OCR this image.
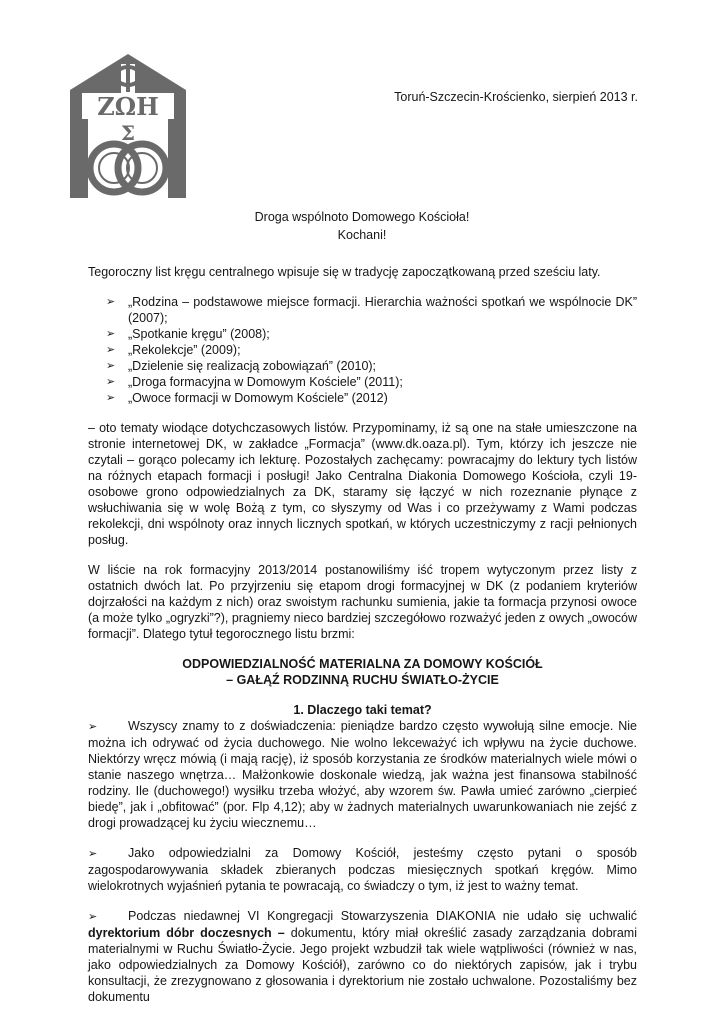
ΖΩΗ
Σ
Toruń-Szczecin-Krościenko, sierpień 2013 r.
Droga wspólnoto Domowego Kościoła!
Kochani!

Tegoroczny list kręgu centralnego wpisuje się w tradycję zapoczątkowaną przed sześciu laty.

➢ „Rodzina – podstawowe miejsce formacji. Hierarchia ważności spotkań we wspólnocie DK” (2007);
➢ „Spotkanie kręgu” (2008);
➢ „Rekolekcje” (2009);
➢ „Dzielenie się realizacją zobowiązań” (2010);
➢ „Droga formacyjna w Domowym Kościele” (2011);
➢ „Owoce formacji w Domowym Kościele” (2012)

– oto tematy wiodące dotychczasowych listów. Przypominamy, iż są one na stałe umieszczone na stronie internetowej DK, w zakładce „Formacja” (www.dk.oaza.pl). Tym, którzy ich jeszcze nie czytali – gorąco polecamy ich lekturę. Pozostałych zachęcamy: powracajmy do lektury tych listów na różnych etapach formacji i posługi! Jako Centralna Diakonia Domowego Kościoła, czyli 19-osobowe grono odpowiedzialnych za DK, staramy się łączyć w nich rozeznanie płynące z wsłuchiwania się w wolę Bożą z tym, co słyszymy od Was i co przeżywamy z Wami podczas rekolekcji, dni wspólnoty oraz innych licznych spotkań, w których uczestniczymy z racji pełnionych posług.

W liście na rok formacyjny 2013/2014 postanowiliśmy iść tropem wytyczonym przez listy z ostatnich dwóch lat. Po przyjrzeniu się etapom drogi formacyjnej w DK (z podaniem kryteriów dojrzałości na każdym z nich) oraz swoistym rachunku sumienia, jakie ta formacja przynosi owoce (a może tylko „ogryzki”?), pragniemy nieco bardziej szczegółowo rozważyć jeden z owych „owoców formacji”. Dlatego tytuł tegorocznego listu brzmi:

ODPOWIEDZIALNOŚĆ MATERIALNA ZA DOMOWY KOŚCIÓŁ
– GAŁĄŹ RODZINNĄ RUCHU ŚWIATŁO-ŻYCIE
1. Dlaczego taki temat?

➢ Wszyscy znamy to z doświadczenia: pieniądze bardzo często wywołują silne emocje. Nie można ich odrywać od życia duchowego. Nie wolno lekceważyć ich wpływu na życie duchowe. Niektórzy wręcz mówią (i mają rację), iż sposób korzystania ze środków materialnych wiele mówi o stanie naszego wnętrza… Małżonkowie doskonale wiedzą, jak ważna jest finansowa stabilność rodziny. Ile (duchowego!) wysiłku trzeba włożyć, aby wzorem św. Pawła umieć zarówno „cierpieć biedę”, jak i „obfitować” (por. Flp 4,12); aby w żadnych materialnych uwarunkowaniach nie zejść z drogi prowadzącej ku życiu wiecznemu…

➢ Jako odpowiedzialni za Domowy Kościół, jesteśmy często pytani o sposób zagospodarowywania składek zbieranych podczas miesięcznych spotkań kręgów. Mimo wielokrotnych wyjaśnień pytania te powracają, co świadczy o tym, iż jest to ważny temat.

➢ Podczas niedawnej VI Kongregacji Stowarzyszenia DIAKONIA nie udało się uchwalić dyrektorium dóbr doczesnych – dokumentu, który miał określić zasady zarządzania dobrami materialnymi w Ruchu Światło-Życie. Jego projekt wzbudził tak wiele wątpliwości (również w nas, jako odpowiedzialnych za Domowy Kościół), zarówno co do niektórych zapisów, jak i trybu konsultacji, że zrezygnowano z głosowania i dyrektorium nie zostało uchwalone. Pozostaliśmy bez dokumentu
